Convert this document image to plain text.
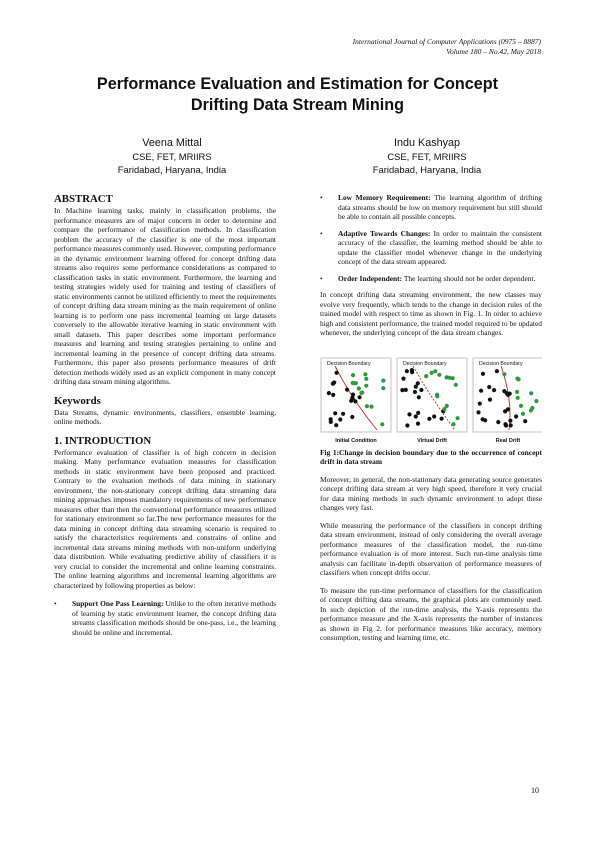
International Journal of Computer Applications (0975 – 8887)
Volume 180 – No.42, May 2018
Performance Evaluation and Estimation for Concept
Drifting Data Stream Mining
Veena Mittal
CSE, FET, MRIIRS
Faridabad, Haryana, India
Indu Kashyap
CSE, FET, MRIIRS
Faridabad, Haryana, India

ABSTRACT

In Machine learning tasks, mainly in classification problems, the performance measures are of major concern in order to determine and compare the performance of classification methods. In classification problem the accuracy of the classifier is one of the most important performance measures commonly used. However, computing performance in the dynamic environment learning offered for concept drifting data streams also requires some performance considerations as compared to classification tasks in static environment. Furthermore, the learning and testing strategies widely used for training and testing of classifiers of static environments cannot be utilized efficiently to meet the requirements of concept drifting data stream mining as the main requirement of online learning is to perform one pass incremental learning on large datasets conversely to the allowable iterative learning in static environment with small datasets. This paper describes some important performance measures and learning and testing strategies pertaining to online and incremental learning in the presence of concept drifting data streams. Furthermore, this paper also presents performance measures of drift detection methods widely used as an explicit component in many concept drifting data stream mining algorithms.

Keywords

Data Streams, dynamic environments, classifiers, ensemble learning, online methods.

1. INTRODUCTION

Performance evaluation of classifier is of high concern in decision making. Many performance evaluation measures for classification methods in static environment have been proposed and practiced. Contrary to the evaluation methods of data mining in stationary environment, the non-stationary concept drifting data streaming data mining approaches imposes mandatory requirements of new performance measures other than then the conventional performance measures utilized for stationary environment so far.The new performance measures for the data mining in concept drifting data streaming scenario is required to satisfy the characteristics requirements and constrains of online and incremental data streams mining methods with non-uniform underlying data distribution. While evaluating predictive ability of classifiers it is very crucial to consider the incremental and online learning constraints. The online learning algorithms and incremental learning algorithms are characterized by following properties as below:

• Support One Pass Learning: Unlike to the often iterative methods of learning by static environment learner, the concept drifting data streams classification methods should be one-pass, i.e., the learning should be online and incremental.
• Low Memory Requirement: The learning algorithm of drifting data streams should be low on memory requirement but still should be able to contain all possible concepts.
• Adaptive Towards Changes: In order to maintain the consistent accuracy of the classifier, the learning method should be able to update the classifier model whenever change in the underlying concept of the data stream appeared.
• Order Independent: The learning should not be order dependent.

In concept drifting data streaming environment, the new classes may evolve very frequently, which tends to the change in decision rules of the trained model with respect to time as shown in Fig. 1. In order to achieve high and consistent performance, the trained model required to be updated whenever, the underlying concept of the data stream changes.

Decision Boundary
Initial Condition
Decision Boundary
Virtual Drift
Decision Boundary
Real Drift

Fig 1:Change in decision boundary due to the occurrence of concept drift in data stream

Moreover, in general, the non-stationary data generating source generates concept drifting data stream at very high speed, therefore it very crucial for data mining methods in such dynamic environment to adopt these changes very fast.

While measuring the performance of the classifiers in concept drifting data stream environment, instead of only considering the overall average performance measures of the classification model, the run-time performance evaluation is of more interest. Such run-time analysis time analysis can facilitate in-depth observation of performance measures of classifiers when concept drifts occur.

To measure the run-time performance of classifiers for the classification of concept drifting data streams, the graphical plots are commonly used. In such depiction of the run-time analysis, the Y-axis represents the performance measure and the X-axis represents the number of instances as shown in Fig 2. for performance measures like accuracy, memory consumption, testing and learning time, etc.

10
